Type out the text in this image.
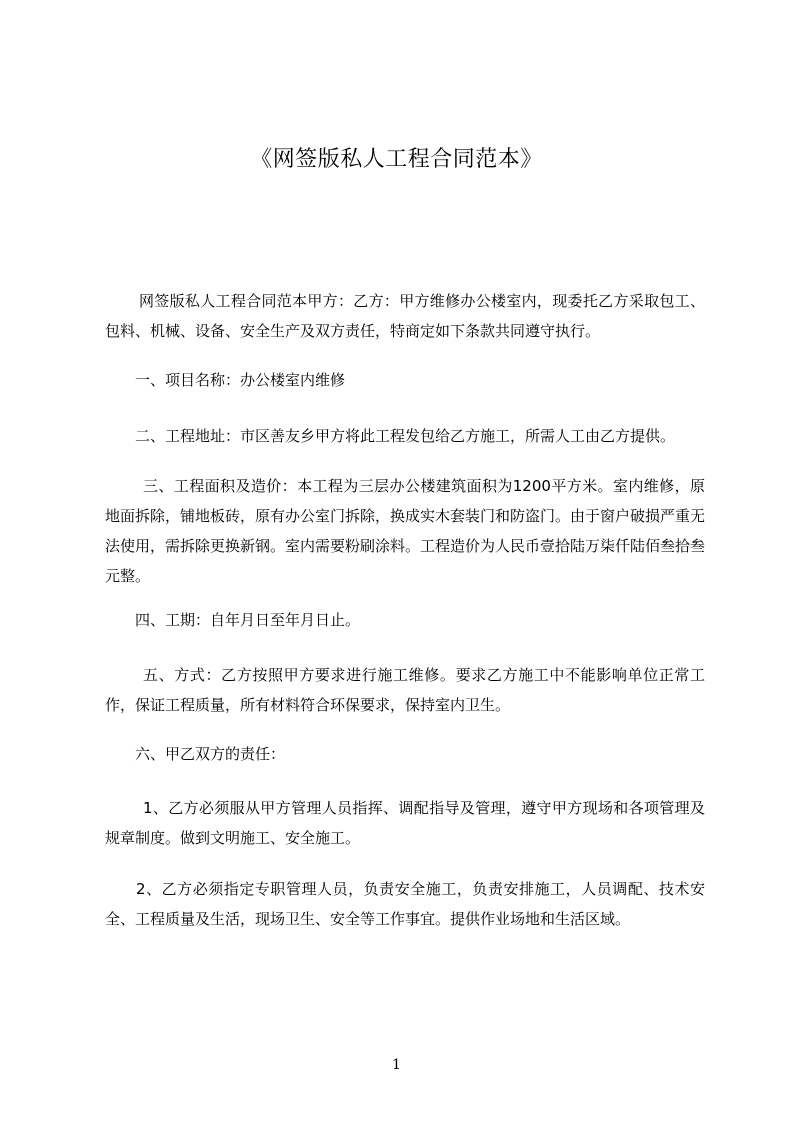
《网签版私人工程合同范本》

网签版私人工程合同范本甲方：乙方：甲方维修办公楼室内，现委托乙方采取包工、包料、机械、设备、安全生产及双方责任，特商定如下条款共同遵守执行。

一、项目名称：办公楼室内维修

二、工程地址：市区善友乡甲方将此工程发包给乙方施工，所需人工由乙方提供。

三、工程面积及造价：本工程为三层办公楼建筑面积为1200平方米。室内维修，原地面拆除，铺地板砖，原有办公室门拆除，换成实木套装门和防盗门。由于窗户破损严重无法使用，需拆除更换新钢。室内需要粉刷涂料。工程造价为人民币壹拾陆万柒仟陆佰叁拾叁元整。

四、工期：自年月日至年月日止。

五、方式：乙方按照甲方要求进行施工维修。要求乙方施工中不能影响单位正常工作，保证工程质量，所有材料符合环保要求，保持室内卫生。

六、甲乙双方的责任：

1、乙方必须服从甲方管理人员指挥、调配指导及管理，遵守甲方现场和各项管理及规章制度。做到文明施工、安全施工。

2、乙方必须指定专职管理人员，负责安全施工，负责安排施工，人员调配、技术安全、工程质量及生活，现场卫生、安全等工作事宜。提供作业场地和生活区域。

1
